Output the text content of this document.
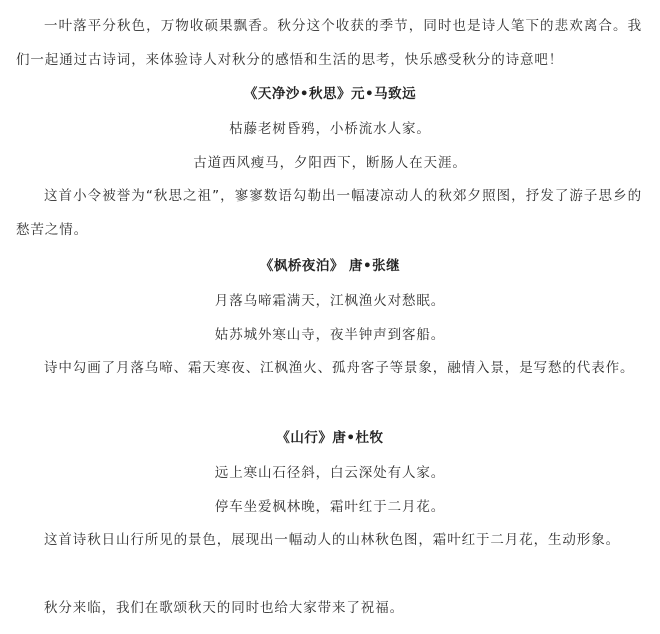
一叶落平分秋色，万物收硕果飘香。秋分这个收获的季节，同时也是诗人笔下的悲欢离合。我们一起通过古诗词，来体验诗人对秋分的感悟和生活的思考，快乐感受秋分的诗意吧！

《天净沙•秋思》元•马致远

枯藤老树昏鸦，小桥流水人家。

古道西风瘦马，夕阳西下，断肠人在天涯。

这首小令被誉为“秋思之祖”，寥寥数语勾勒出一幅凄凉动人的秋郊夕照图，抒发了游子思乡的愁苦之情。

《枫桥夜泊》 唐•张继

月落乌啼霜满天，江枫渔火对愁眠。

姑苏城外寒山寺，夜半钟声到客船。

诗中勾画了月落乌啼、霜天寒夜、江枫渔火、孤舟客子等景象，融情入景，是写愁的代表作。

《山行》唐•杜牧

远上寒山石径斜，白云深处有人家。

停车坐爱枫林晚，霜叶红于二月花。

这首诗秋日山行所见的景色，展现出一幅动人的山林秋色图，霜叶红于二月花，生动形象。

秋分来临，我们在歌颂秋天的同时也给大家带来了祝福。
